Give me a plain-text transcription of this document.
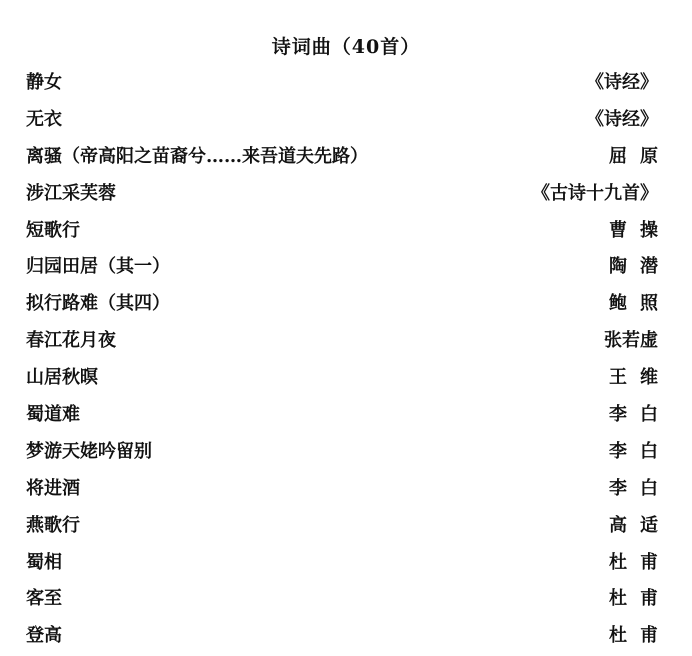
诗词曲（40首）
静女	《诗经》
无衣	《诗经》
离骚（帝高阳之苗裔兮……来吾道夫先路）	屈原
涉江采芙蓉	《古诗十九首》
短歌行	曹操
归园田居（其一）	陶潜
拟行路难（其四）	鲍照
春江花月夜	张若虚
山居秋暝	王维
蜀道难	李白
梦游天姥吟留别	李白
将进酒	李白
燕歌行	高适
蜀相	杜甫
客至	杜甫
登高	杜甫
